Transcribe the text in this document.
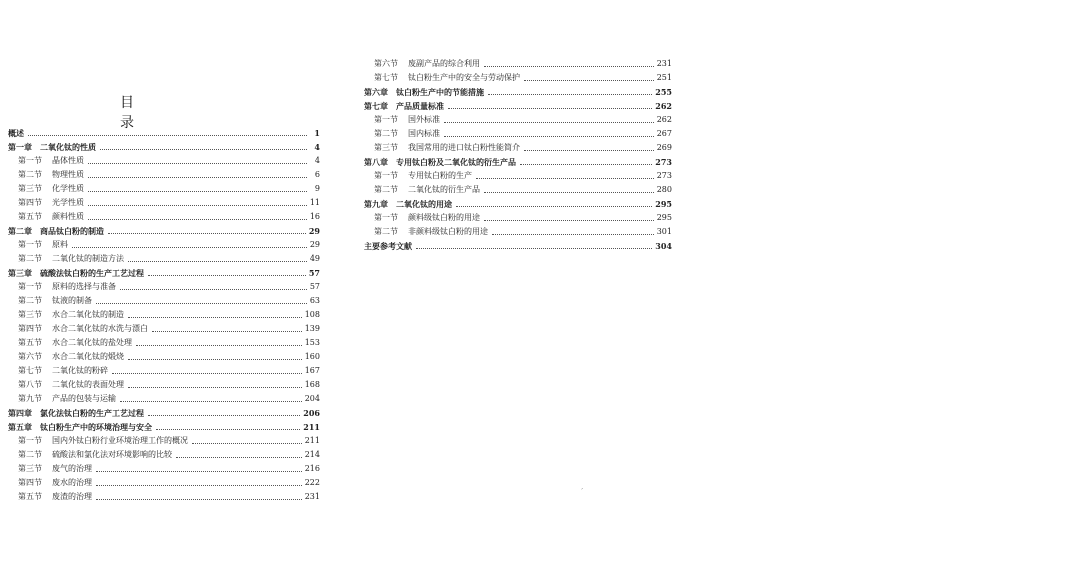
目 录
概述	1
第一章 二氧化钛的性质	4
第一节 晶体性质	4
第二节 物理性质	6
第三节 化学性质	9
第四节 光学性质	11
第五节 颜料性质	16
第二章 商品钛白粉的制造	29
第一节 原料	29
第二节 二氧化钛的制造方法	49
第三章 硫酸法钛白粉的生产工艺过程	57
第一节 原料的选择与准备	57
第二节 钛液的制备	63
第三节 水合二氧化钛的制造	108
第四节 水合二氧化钛的水洗与漂白	139
第五节 水合二氧化钛的盐处理	153
第六节 水合二氧化钛的煅烧	160
第七节 二氧化钛的粉碎	167
第八节 二氧化钛的表面处理	168
第九节 产品的包装与运输	204
第四章 氯化法钛白粉的生产工艺过程	206
第五章 钛白粉生产中的环境治理与安全	211
第一节 国内外钛白粉行业环境治理工作的概况	211
第二节 硫酸法和氯化法对环境影响的比较	214
第三节 废气的治理	216
第四节 废水的治理	222
第五节 废渣的治理	231
第六节 废副产品的综合利用	231
第七节 钛白粉生产中的安全与劳动保护	251
第六章 钛白粉生产中的节能措施	255
第七章 产品质量标准	262
第一节 国外标准	262
第二节 国内标准	267
第三节 我国常用的进口钛白粉性能简介	269
第八章 专用钛白粉及二氧化钛的衍生产品	273
第一节 专用钛白粉的生产	273
第二节 二氧化钛的衍生产品	280
第九章 二氧化钛的用途	295
第一节 颜料级钛白粉的用途	295
第二节 非颜料级钛白粉的用途	301
主要参考文献	304
ˊ
